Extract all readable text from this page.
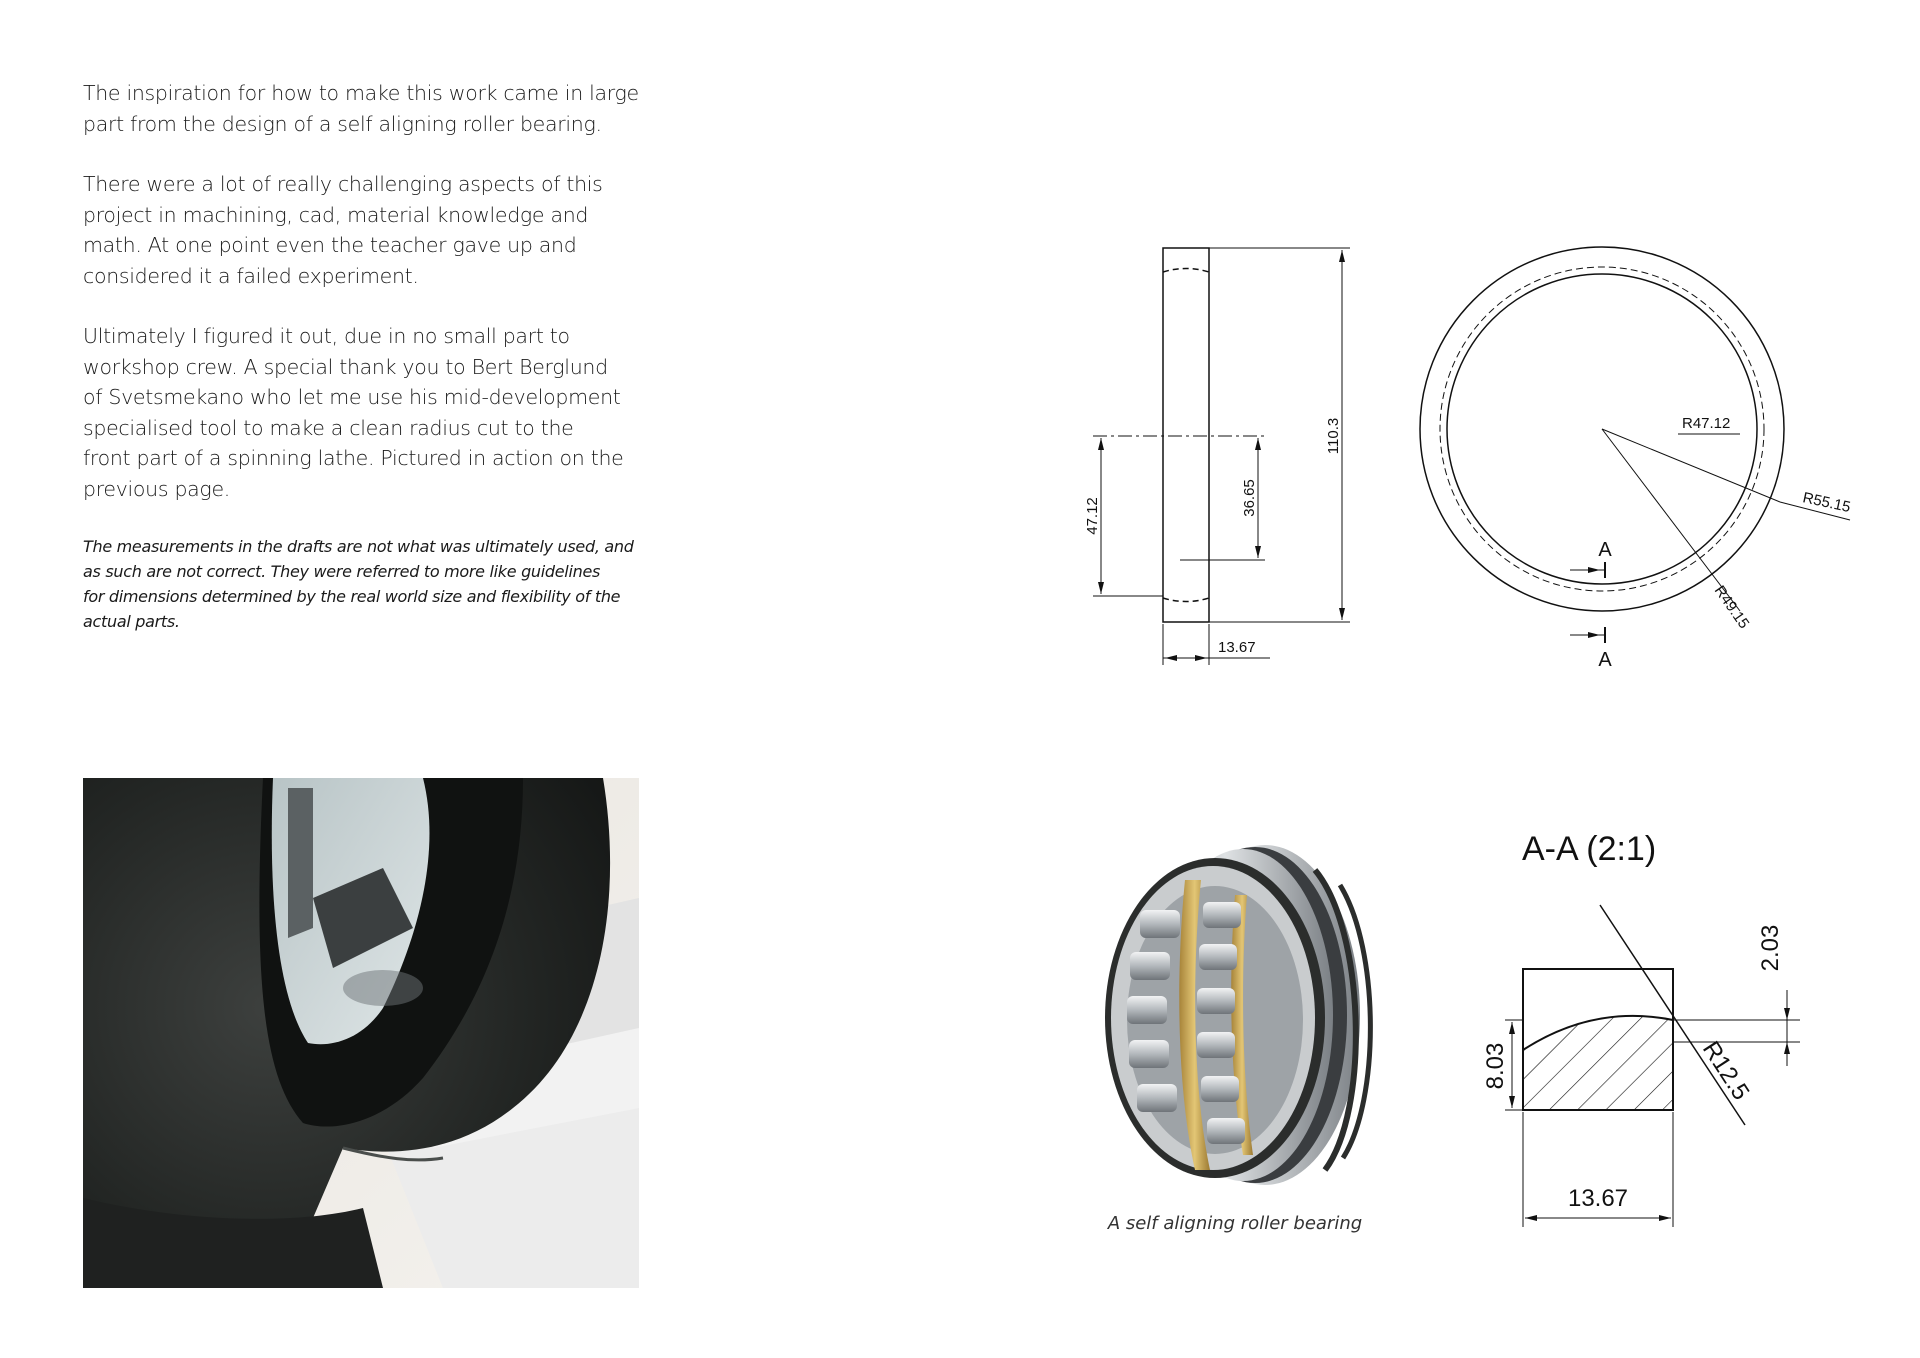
The inspiration for how to make this work came in large
part from the design of a self aligning roller bearing.

There were a lot of really challenging aspects of this
project in machining, cad, material knowledge and
math. At one point even the teacher gave up and
considered it a failed experiment.

Ultimately I figured it out, due in no small part to
workshop crew. A special thank you to Bert Berglund
of Svetsmekano who let me use his mid-development
specialised tool to make a clean radius cut to the
front part of a spinning lathe. Pictured in action on the
previous page.

The measurements in the drafts are not what was ultimately used, and
as such are not correct. They were referred to more like guidelines
for dimensions determined by the real world size and flexibility of the
actual parts.

110.3
47.12	36.65
13.67
R47.12
R55.15
R49.15
A
A
A-A (2:1)
2.03
8.03	R12.5
13.67
A self aligning roller bearing
